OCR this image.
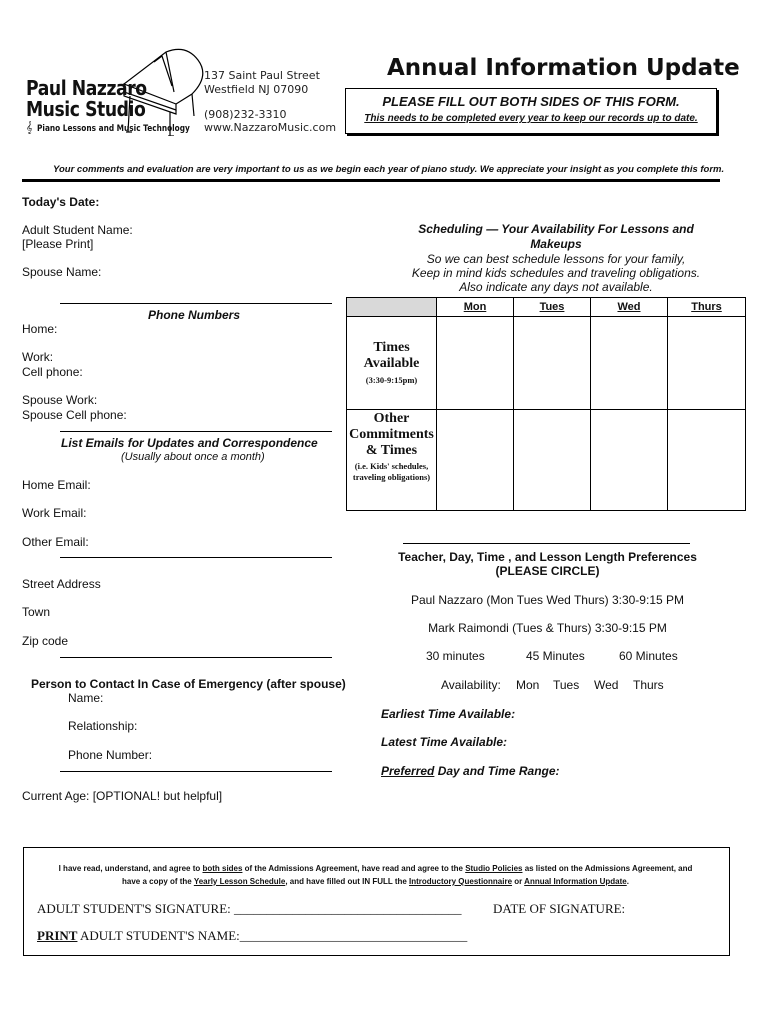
Paul Nazzaro
Music Studio
𝄞 Piano Lessons and Music Technology
137 Saint Paul Street
Westfield NJ 07090
(908)232-3310
www.NazzaroMusic.com
Annual Information Update
PLEASE FILL OUT BOTH SIDES OF THIS FORM.
This needs to be completed every year to keep our records up to date.
Your comments and evaluation are very important to us as we begin each year of piano study. We appreciate your insight as you complete this form.
Today's Date:
Adult Student Name:
[Please Print]
Spouse Name:
Phone Numbers
Home:
Work:
Cell phone:
Spouse Work:
Spouse Cell phone:
List Emails for Updates and Correspondence
(Usually about once a month)
Home Email:
Work Email:
Other Email:
Street Address
Town
Zip code
Person to Contact In Case of Emergency (after spouse)
Name:
Relationship:
Phone Number:
Current Age: [OPTIONAL! but helpful]
Scheduling — Your Availability For Lessons and Makeups
So we can best schedule lessons for your family,
Keep in mind kids schedules and traveling obligations.
Also indicate any days not available.
	Mon	Tues	Wed	Thurs

Times
Available
(3:30-9:15pm)				

Other
Commitments
& Times
(i.e. Kids' schedules,
traveling obligations)				

Teacher, Day, Time , and Lesson Length Preferences
(PLEASE CIRCLE)
Paul Nazzaro (Mon Tues Wed Thurs) 3:30-9:15 PM
Mark Raimondi (Tues & Thurs) 3:30-9:15 PM
30 minutes	45 Minutes	60 Minutes
Availability: Mon Tues Wed Thurs
Earliest Time Available:
Latest Time Available:
Preferred Day and Time Range:
I have read, understand, and agree to both sides of the Admissions Agreement, have read and agree to the Studio Policies as listed on the Admissions Agreement, and
have a copy of the Yearly Lesson Schedule, and have filled out IN FULL the Introductory Questionnaire or Annual Information Update.
ADULT STUDENT'S SIGNATURE: ___________________________________ DATE OF SIGNATURE:
PRINT ADULT STUDENT'S NAME:___________________________________
